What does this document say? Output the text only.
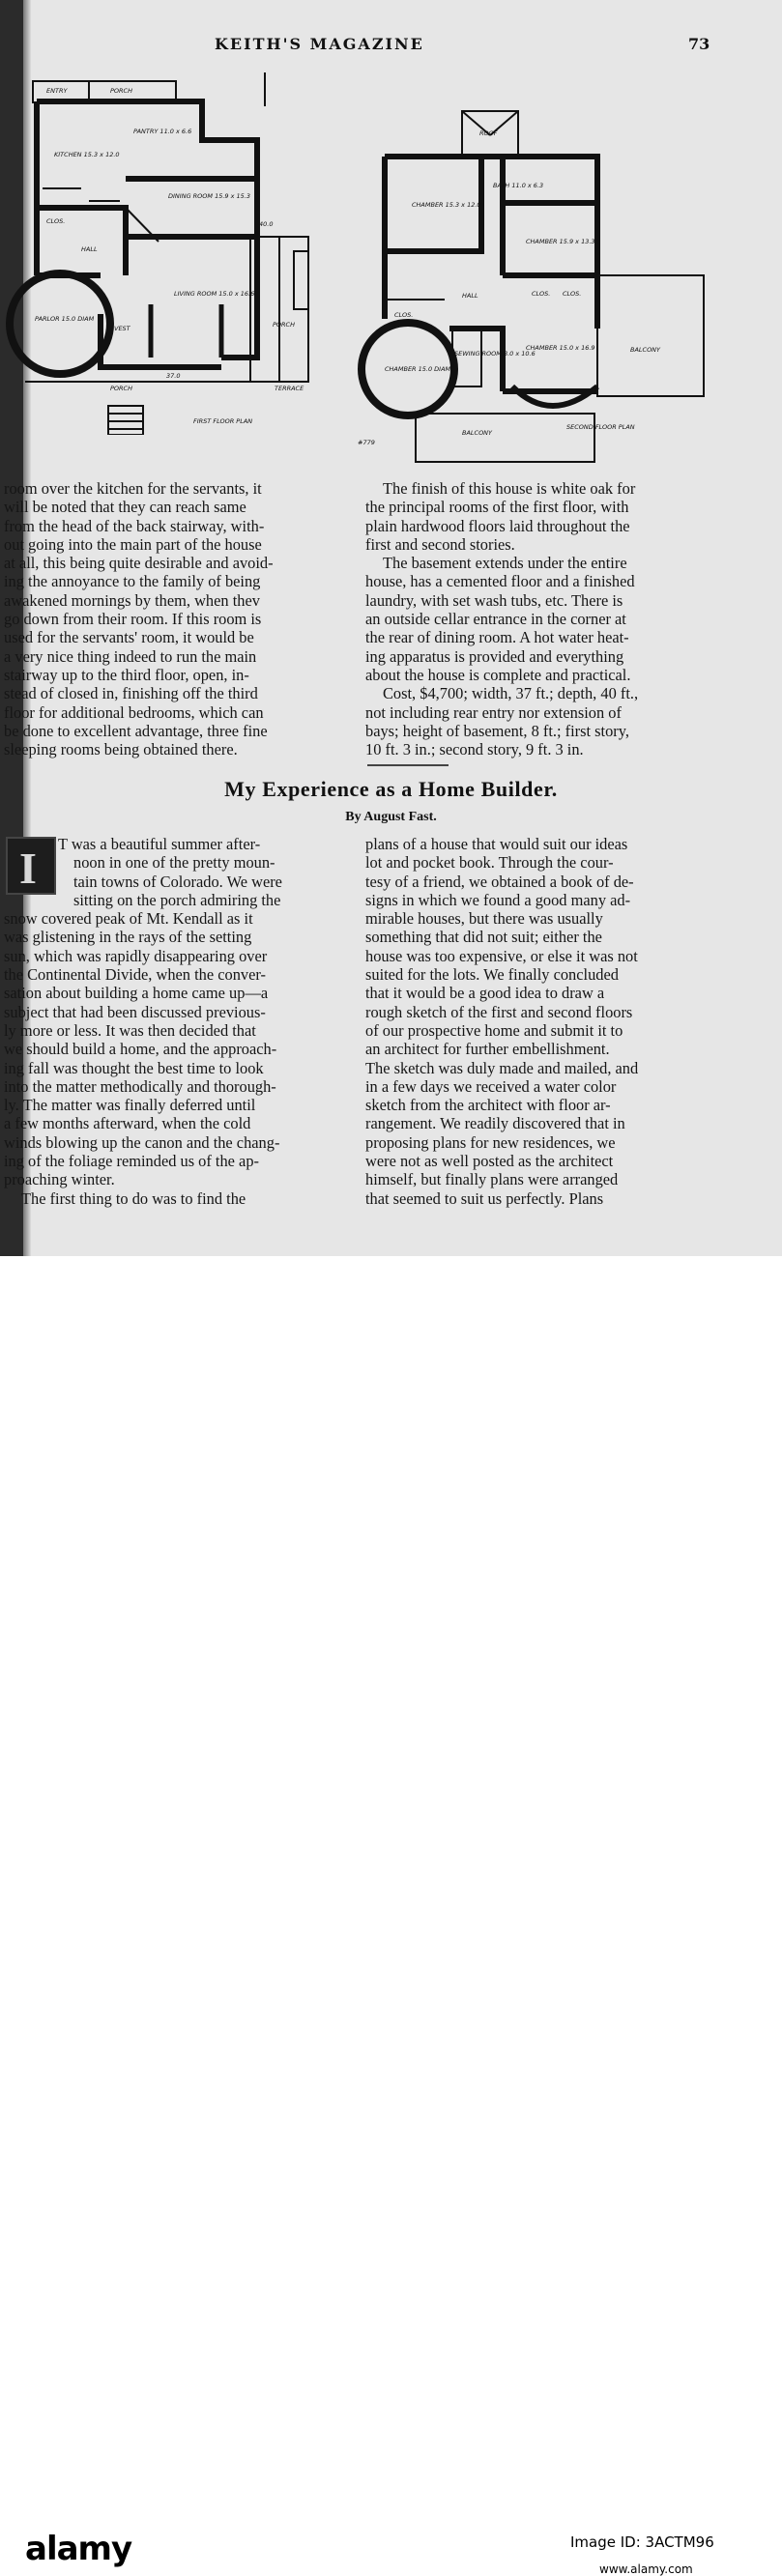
KEITH'S MAGAZINE	73
ENTRY	PORCH
PANTRY 11.0 x 6.6
KITCHEN 15.3 x 12.0
DINING ROOM 15.9 x 15.3
HALL
CLOS.
LIVING ROOM 15.0 x 16.6
PARLOR 15.0 DIAM
VEST	PORCH
PORCH	TERRACE
37.0
40.0
FIRST FLOOR PLAN
ROOF
BATH 11.0 x 6.3
CHAMBER 15.3 x 12.0
CHAMBER 15.9 x 13.3
HALL	CLOS. CLOS.
CLOS.
SEWING ROOM 8.0 x 10.6
CHAMBER 15.0 DIAM
CHAMBER 15.0 x 16.9	BALCONY
BALCONY
SECOND FLOOR PLAN
#779
room over the kitchen for the servants, it
will be noted that they can reach same
from the head of the back stairway, with-
out going into the main part of the house
at all, this being quite desirable and avoid-
ing the annoyance to the family of being
awakened mornings by them, when thev
go down from their room. If this room is
used for the servants' room, it would be
a very nice thing indeed to run the main
stairway up to the third floor, open, in-
stead of closed in, finishing off the third
floor for additional bedrooms, which can
be done to excellent advantage, three fine
sleeping rooms being obtained there.
The finish of this house is white oak for
the principal rooms of the first floor, with
plain hardwood floors laid throughout the
first and second stories.
The basement extends under the entire
house, has a cemented floor and a finished
laundry, with set wash tubs, etc. There is
an outside cellar entrance in the corner at
the rear of dining room. A hot water heat-
ing apparatus is provided and everything
about the house is complete and practical.
Cost, $4,700; width, 37 ft.; depth, 40 ft.,
not including rear entry nor extension of
bays; height of basement, 8 ft.; first story,
10 ft. 3 in.; second story, 9 ft. 3 in.
My Experience as a Home Builder.
By August Fast.
I	T was a beautiful summer after-
noon in one of the pretty moun-
tain towns of Colorado. We were
sitting on the porch admiring the
snow covered peak of Mt. Kendall as it
was glistening in the rays of the setting
sun, which was rapidly disappearing over
the Continental Divide, when the conver-
sation about building a home came up—a
subject that had been discussed previous-
ly more or less. It was then decided that
we should build a home, and the approach-
ing fall was thought the best time to look
into the matter methodically and thorough-
ly. The matter was finally deferred until
a few months afterward, when the cold
winds blowing up the canon and the chang-
ing of the foliage reminded us of the ap-
proaching winter.
The first thing to do was to find the
plans of a house that would suit our ideas
lot and pocket book. Through the cour-
tesy of a friend, we obtained a book of de-
signs in which we found a good many ad-
mirable houses, but there was usually
something that did not suit; either the
house was too expensive, or else it was not
suited for the lots. We finally concluded
that it would be a good idea to draw a
rough sketch of the first and second floors
of our prospective home and submit it to
an architect for further embellishment.
The sketch was duly made and mailed, and
in a few days we received a water color
sketch from the architect with floor ar-
rangement. We readily discovered that in
proposing plans for new residences, we
were not as well posted as the architect
himself, but finally plans were arranged
that seemed to suit us perfectly. Plans
alamy	Image ID: 3ACTM96
www.alamy.com
